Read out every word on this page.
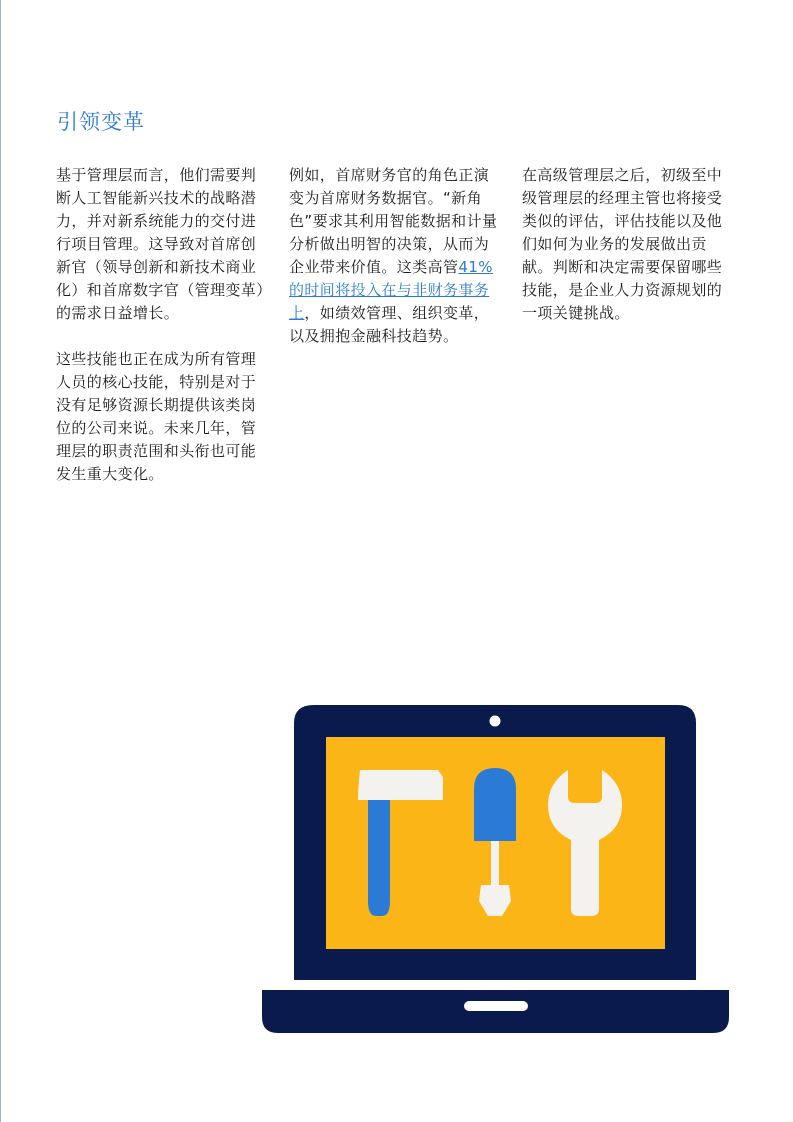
引领变革

基于管理层而言，他们需要判断人工智能新兴技术的战略潜力，并对新系统能力的交付进行项目管理。这导致对首席创新官（领导创新和新技术商业化）和首席数字官（管理变革）的需求日益增长。

这些技能也正在成为所有管理人员的核心技能，特别是对于没有足够资源长期提供该类岗位的公司来说。未来几年，管理层的职责范围和头衔也可能发生重大变化。

例如，首席财务官的角色正演变为首席财务数据官。“新角色”要求其利用智能数据和计量分析做出明智的决策，从而为企业带来价值。这类高管41%的时间将投入在与非财务事务上，如绩效管理、组织变革，以及拥抱金融科技趋势。

在高级管理层之后，初级至中级管理层的经理主管也将接受类似的评估，评估技能以及他们如何为业务的发展做出贡献。判断和决定需要保留哪些技能，是企业人力资源规划的一项关键挑战。
